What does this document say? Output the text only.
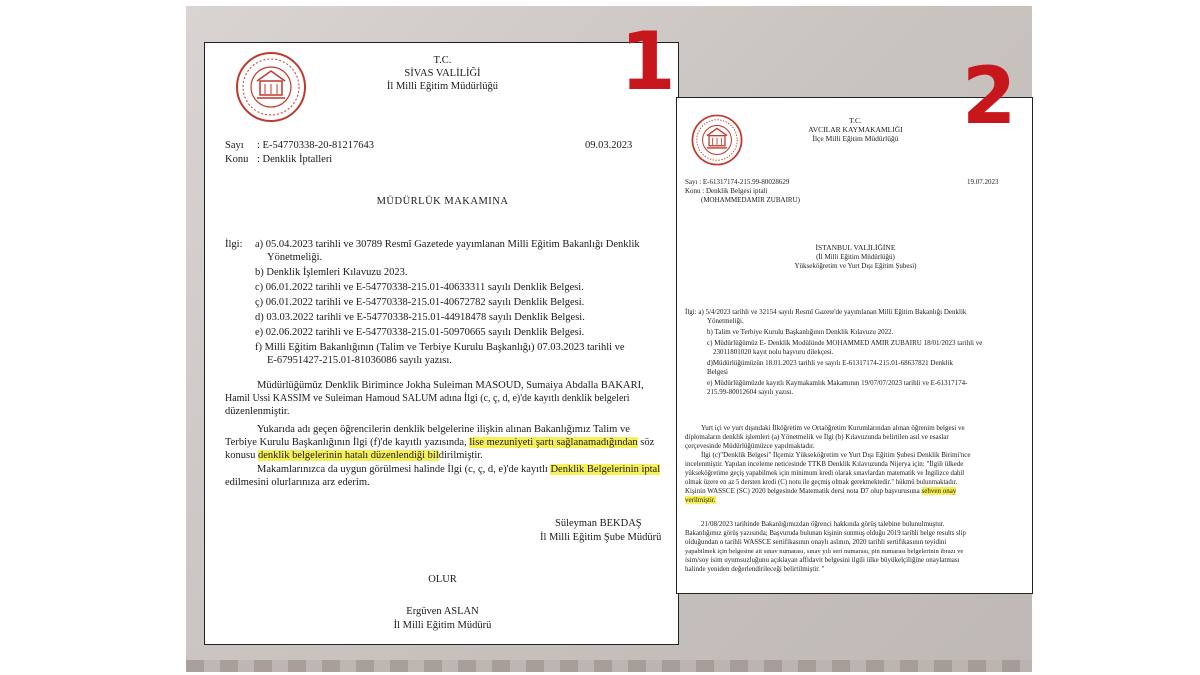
T.C.
SİVAS VALİLİĞİ
İl Milli Eğitim Müdürlüğü
Sayı : E-54770338-20-81217643	09.03.2023
Konu : Denklik İptalleri
MÜDÜRLÜK MAKAMINA
İlgi: a) 05.04.2023 tarihli ve 30789 Resmî Gazetede yayımlanan Milli Eğitim Bakanlığı Denklik
Yönetmeliği.
b) Denklik İşlemleri Kılavuzu 2023.
c) 06.01.2022 tarihli ve E-54770338-215.01-40633311 sayılı Denklik Belgesi.
ç) 06.01.2022 tarihli ve E-54770338-215.01-40672782 sayılı Denklik Belgesi.
d) 03.03.2022 tarihli ve E-54770338-215.01-44918478 sayılı Denklik Belgesi.
e) 02.06.2022 tarihli ve E-54770338-215.01-50970665 sayılı Denklik Belgesi.
f) Milli Eğitim Bakanlığının (Talim ve Terbiye Kurulu Başkanlığı) 07.03.2023 tarihli ve
E-67951427-215.01-81036086 sayılı yazısı.
Müdürlüğümüz Denklik Birimince Jokha Suleiman MASOUD, Sumaiya Abdalla BAKARI,
Hamil Ussi KASSIM ve Suleiman Hamoud SALUM adına İlgi (c, ç, d, e)'de kayıtlı denklik belgeleri
düzenlenmiştir.
Yukarıda adı geçen öğrencilerin denklik belgelerine ilişkin alınan Bakanlığımız Talim ve
Terbiye Kurulu Başkanlığının İlgi (f)'de kayıtlı yazısında, lise mezuniyeti şartı sağlanamadığından söz
konusu denklik belgelerinin hatalı düzenlendiği bildirilmiştir.
Makamlarınızca da uygun görülmesi halinde İlgi (c, ç, d, e)'de kayıtlı Denklik Belgelerinin iptal
edilmesini olurlarınıza arz ederim.
Süleyman BEKDAŞ
İl Milli Eğitim Şube Müdürü
OLUR
Ergüven ASLAN
İl Milli Eğitim Müdürü
T.C.
AVCILAR KAYMAKAMLIĞI
İlçe Milli Eğitim Müdürlüğü
Sayı : E-61317174-215.99-80028629	19.07.2023
Konu : Denklik Belgesi iptali
(MOHAMMEDAMIR ZUBAIRU)
İSTANBUL VALİLİĞİNE
(İl Milli Eğitim Müdürlüğü)
Yükseköğretim ve Yurt Dışı Eğitim Şubesi)
İlgi: a) 5/4/2023 tarihli ve 32154 sayılı Resmî Gazete'de yayımlanan Milli Eğitim Bakanlığı Denklik
Yönetmeliği.
b) Talim ve Terbiye Kurulu Başkanlığının Denklik Kılavuzu 2022.
c) Müdürlüğümüz E- Denklik Modülünde MOHAMMED AMIR ZUBAIRU 18/01/2023 tarihli ve
23011801020 kayıt nolu başvuru dilekçesi.
d)Müdürlüğümüzün 18.01.2023 tarihli ve sayılı E-61317174-215.01-68637821 Denklik
Belgesi
e) Müdürlüğümüzde kayıtlı Kaymakamlık Makamının 19/07/07/2023 tarihli ve E-61317174-
215.99-80012604 sayılı yazısı.
Yurt içi ve yurt dışındaki İlköğretim ve Ortaöğretim Kurumlarından alınan öğrenim belgesi ve
diplomaların denklik işlemleri (a) Yönetmelik ve İlgi (b) Kılavuzunda belirtilen asıl ve esaslar
çerçevesinde Müdürlüğümüzce yapılmaktadır.
İlgi (c)"Denklik Belgesi" İlçemiz Yükseköğretim ve Yurt Dışı Eğitim Şubesi Denklik Birimi'nce
incelenmiştir. Yapılan inceleme neticesinde TTKB Denklik Kılavuzunda Nijerya için: "İlgili ülkede
yükseköğretime geçiş yapabilmek için minimum kredi olarak sınavlardan matematik ve İngilizce dahil
olmak üzere en az 5 dersten kredi (C) notu ile geçmiş olmak gerekmektedir." hükmü bulunmaktadır.
Kişinin WASSCE (SC) 2020 belgesinde Matematik dersi nota D7 olup başvurusuna sehven onay
verilmiştir.
21/08/2023 tarihinde Bakanlığımızdan öğrenci hakkında görüş talebine bulunulmuştur.
Bakanlığımız görüş yazısında; Başvuruda bulunan kişinin sunmuş olduğu 2019 tarihli belge results slip
olduğundan o tarihli WASSCE sertifikasının onaylı aslının, 2020 tarihli sertifikasının teyidini
yapabilmek için belgesine ait sınav numarası, sınav yılı seri numarası, pin numarası belgelerinin ibrazı ve
isim/soy isim uyumsuzluğunu açıklayan affidavit belgesini ilgili ülke büyükelçiliğine onaylatması
halinde yeniden değerlendirileceği belirtilmiştir. "
1	2
